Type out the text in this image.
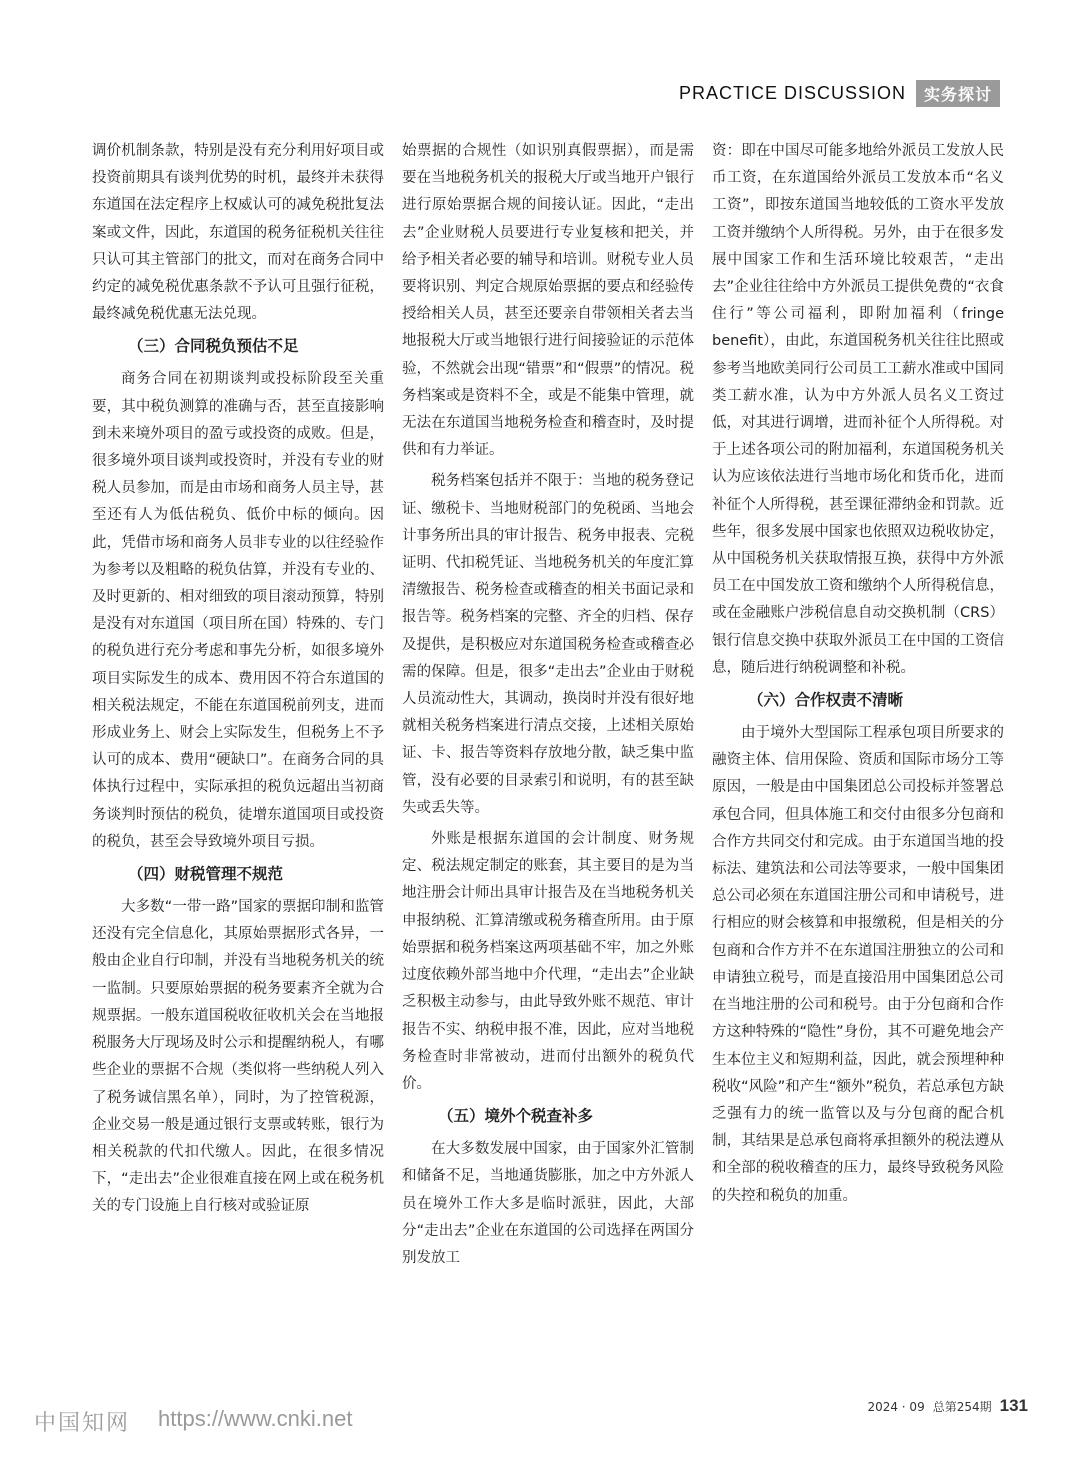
PRACTICE DISCUSSION	实务探讨

调价机制条款，特别是没有充分利用好项目或投资前期具有谈判优势的时机，最终并未获得东道国在法定程序上权威认可的减免税批复法案或文件，因此，东道国的税务征税机关往往只认可其主管部门的批文，而对在商务合同中约定的减免税优惠条款不予认可且强行征税，最终减免税优惠无法兑现。

（三）合同税负预估不足

商务合同在初期谈判或投标阶段至关重要，其中税负测算的准确与否，甚至直接影响到未来境外项目的盈亏或投资的成败。但是，很多境外项目谈判或投资时，并没有专业的财税人员参加，而是由市场和商务人员主导，甚至还有人为低估税负、低价中标的倾向。因此，凭借市场和商务人员非专业的以往经验作为参考以及粗略的税负估算，并没有专业的、及时更新的、相对细致的项目滚动预算，特别是没有对东道国（项目所在国）特殊的、专门的税负进行充分考虑和事先分析，如很多境外项目实际发生的成本、费用因不符合东道国的相关税法规定，不能在东道国税前列支，进而形成业务上、财会上实际发生，但税务上不予认可的成本、费用“硬缺口”。在商务合同的具体执行过程中，实际承担的税负远超出当初商务谈判时预估的税负，徒增东道国项目或投资的税负，甚至会导致境外项目亏损。

（四）财税管理不规范

大多数“一带一路”国家的票据印制和监管还没有完全信息化，其原始票据形式各异，一般由企业自行印制，并没有当地税务机关的统一监制。只要原始票据的税务要素齐全就为合规票据。一般东道国税收征收机关会在当地报税服务大厅现场及时公示和提醒纳税人，有哪些企业的票据不合规（类似将一些纳税人列入了税务诚信黑名单），同时，为了控管税源，企业交易一般是通过银行支票或转账，银行为相关税款的代扣代缴人。因此，在很多情况下，“走出去”企业很难直接在网上或在税务机关的专门设施上自行核对或验证原

始票据的合规性（如识别真假票据），而是需要在当地税务机关的报税大厅或当地开户银行进行原始票据合规的间接认证。因此，“走出去”企业财税人员要进行专业复核和把关，并给予相关者必要的辅导和培训。财税专业人员要将识别、判定合规原始票据的要点和经验传授给相关人员，甚至还要亲自带领相关者去当地报税大厅或当地银行进行间接验证的示范体验，不然就会出现“错票”和“假票”的情况。税务档案或是资料不全，或是不能集中管理，就无法在东道国当地税务检查和稽查时，及时提供和有力举证。

税务档案包括并不限于：当地的税务登记证、缴税卡、当地财税部门的免税函、当地会计事务所出具的审计报告、税务申报表、完税证明、代扣税凭证、当地税务机关的年度汇算清缴报告、税务检查或稽查的相关书面记录和报告等。税务档案的完整、齐全的归档、保存及提供，是积极应对东道国税务检查或稽查必需的保障。但是，很多“走出去”企业由于财税人员流动性大，其调动，换岗时并没有很好地就相关税务档案进行清点交接，上述相关原始证、卡、报告等资料存放地分散，缺乏集中监管，没有必要的目录索引和说明，有的甚至缺失或丢失等。

外账是根据东道国的会计制度、财务规定、税法规定制定的账套，其主要目的是为当地注册会计师出具审计报告及在当地税务机关申报纳税、汇算清缴或税务稽查所用。由于原始票据和税务档案这两项基础不牢，加之外账过度依赖外部当地中介代理，“走出去”企业缺乏积极主动参与，由此导致外账不规范、审计报告不实、纳税申报不准，因此，应对当地税务检查时非常被动，进而付出额外的税负代价。

（五）境外个税查补多

在大多数发展中国家，由于国家外汇管制和储备不足，当地通货膨胀，加之中方外派人员在境外工作大多是临时派驻，因此，大部分“走出去”企业在东道国的公司选择在两国分别发放工

资：即在中国尽可能多地给外派员工发放人民币工资，在东道国给外派员工发放本币“名义工资”，即按东道国当地较低的工资水平发放工资并缴纳个人所得税。另外，由于在很多发展中国家工作和生活环境比较艰苦，“走出去”企业往往给中方外派员工提供免费的“衣食住行”等公司福利，即附加福利（fringe benefit），由此，东道国税务机关往往比照或参考当地欧美同行公司员工工薪水准或中国同类工薪水准，认为中方外派人员名义工资过低，对其进行调增，进而补征个人所得税。对于上述各项公司的附加福利，东道国税务机关认为应该依法进行当地市场化和货币化，进而补征个人所得税，甚至课征滞纳金和罚款。近些年，很多发展中国家也依照双边税收协定，从中国税务机关获取情报互换，获得中方外派员工在中国发放工资和缴纳个人所得税信息，或在金融账户涉税信息自动交换机制（CRS）银行信息交换中获取外派员工在中国的工资信息，随后进行纳税调整和补税。

（六）合作权责不清晰

由于境外大型国际工程承包项目所要求的融资主体、信用保险、资质和国际市场分工等原因，一般是由中国集团总公司投标并签署总承包合同，但具体施工和交付由很多分包商和合作方共同交付和完成。由于东道国当地的投标法、建筑法和公司法等要求，一般中国集团总公司必须在东道国注册公司和申请税号，进行相应的财会核算和申报缴税，但是相关的分包商和合作方并不在东道国注册独立的公司和申请独立税号，而是直接沿用中国集团总公司在当地注册的公司和税号。由于分包商和合作方这种特殊的“隐性”身份，其不可避免地会产生本位主义和短期利益，因此，就会预埋种种税收“风险”和产生“额外”税负，若总承包方缺乏强有力的统一监管以及与分包商的配合机制，其结果是总承包商将承担额外的税法遵从和全部的税收稽查的压力，最终导致税务风险的失控和税负的加重。

中国知网 https://www.cnki.net	2024 · 09 总第254期 131
